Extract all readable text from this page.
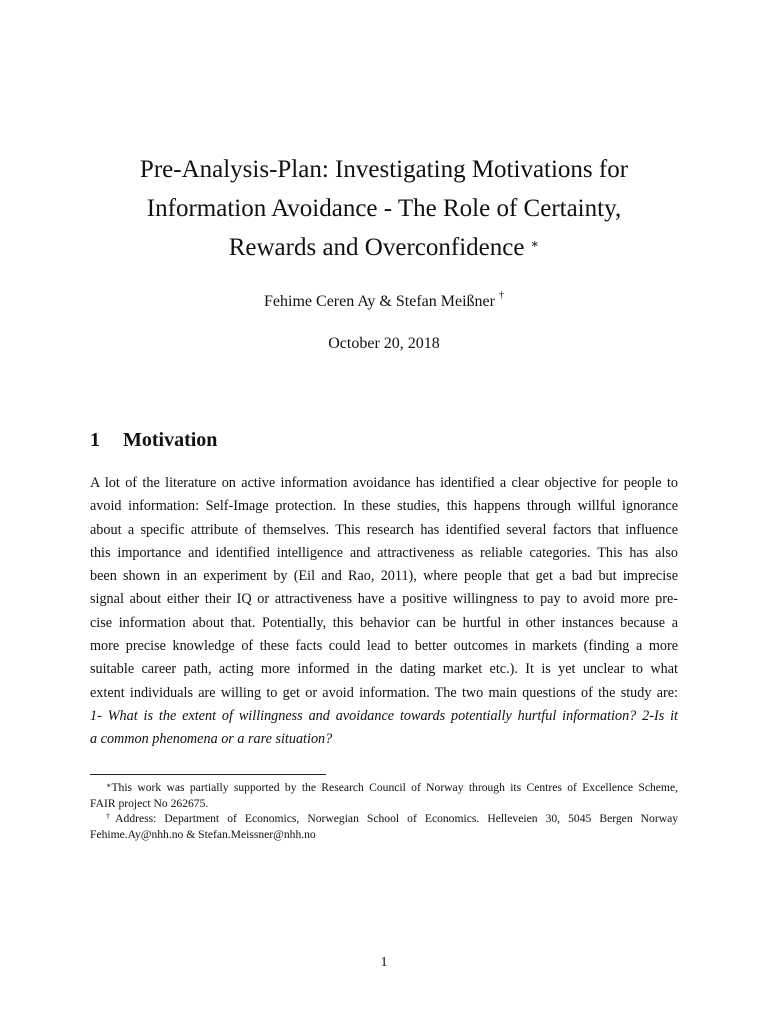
Pre-Analysis-Plan: Investigating Motivations for
Information Avoidance - The Role of Certainty,
Rewards and Overconfidence ∗
Fehime Ceren Ay & Stefan Meißner †
October 20, 2018
1 Motivation
A lot of the literature on active information avoidance has identified a clear objective for people to
avoid information: Self-Image protection. In these studies, this happens through willful ignorance
about a specific attribute of themselves. This research has identified several factors that influence
this importance and identified intelligence and attractiveness as reliable categories. This has also
been shown in an experiment by (Eil and Rao, 2011), where people that get a bad but imprecise
signal about either their IQ or attractiveness have a positive willingness to pay to avoid more pre-
cise information about that. Potentially, this behavior can be hurtful in other instances because a
more precise knowledge of these facts could lead to better outcomes in markets (finding a more
suitable career path, acting more informed in the dating market etc.). It is yet unclear to what
extent individuals are willing to get or avoid information. The two main questions of the study are:
1- What is the extent of willingness and avoidance towards potentially hurtful information? 2-Is it
a common phenomena or a rare situation?
∗This work was partially supported by the Research Council of Norway through its Centres of Excellence Scheme,
FAIR project No 262675.
†Address: Department of Economics, Norwegian School of Economics. Helleveien 30, 5045 Bergen Norway
Fehime.Ay@nhh.no & Stefan.Meissner@nhh.no
1
